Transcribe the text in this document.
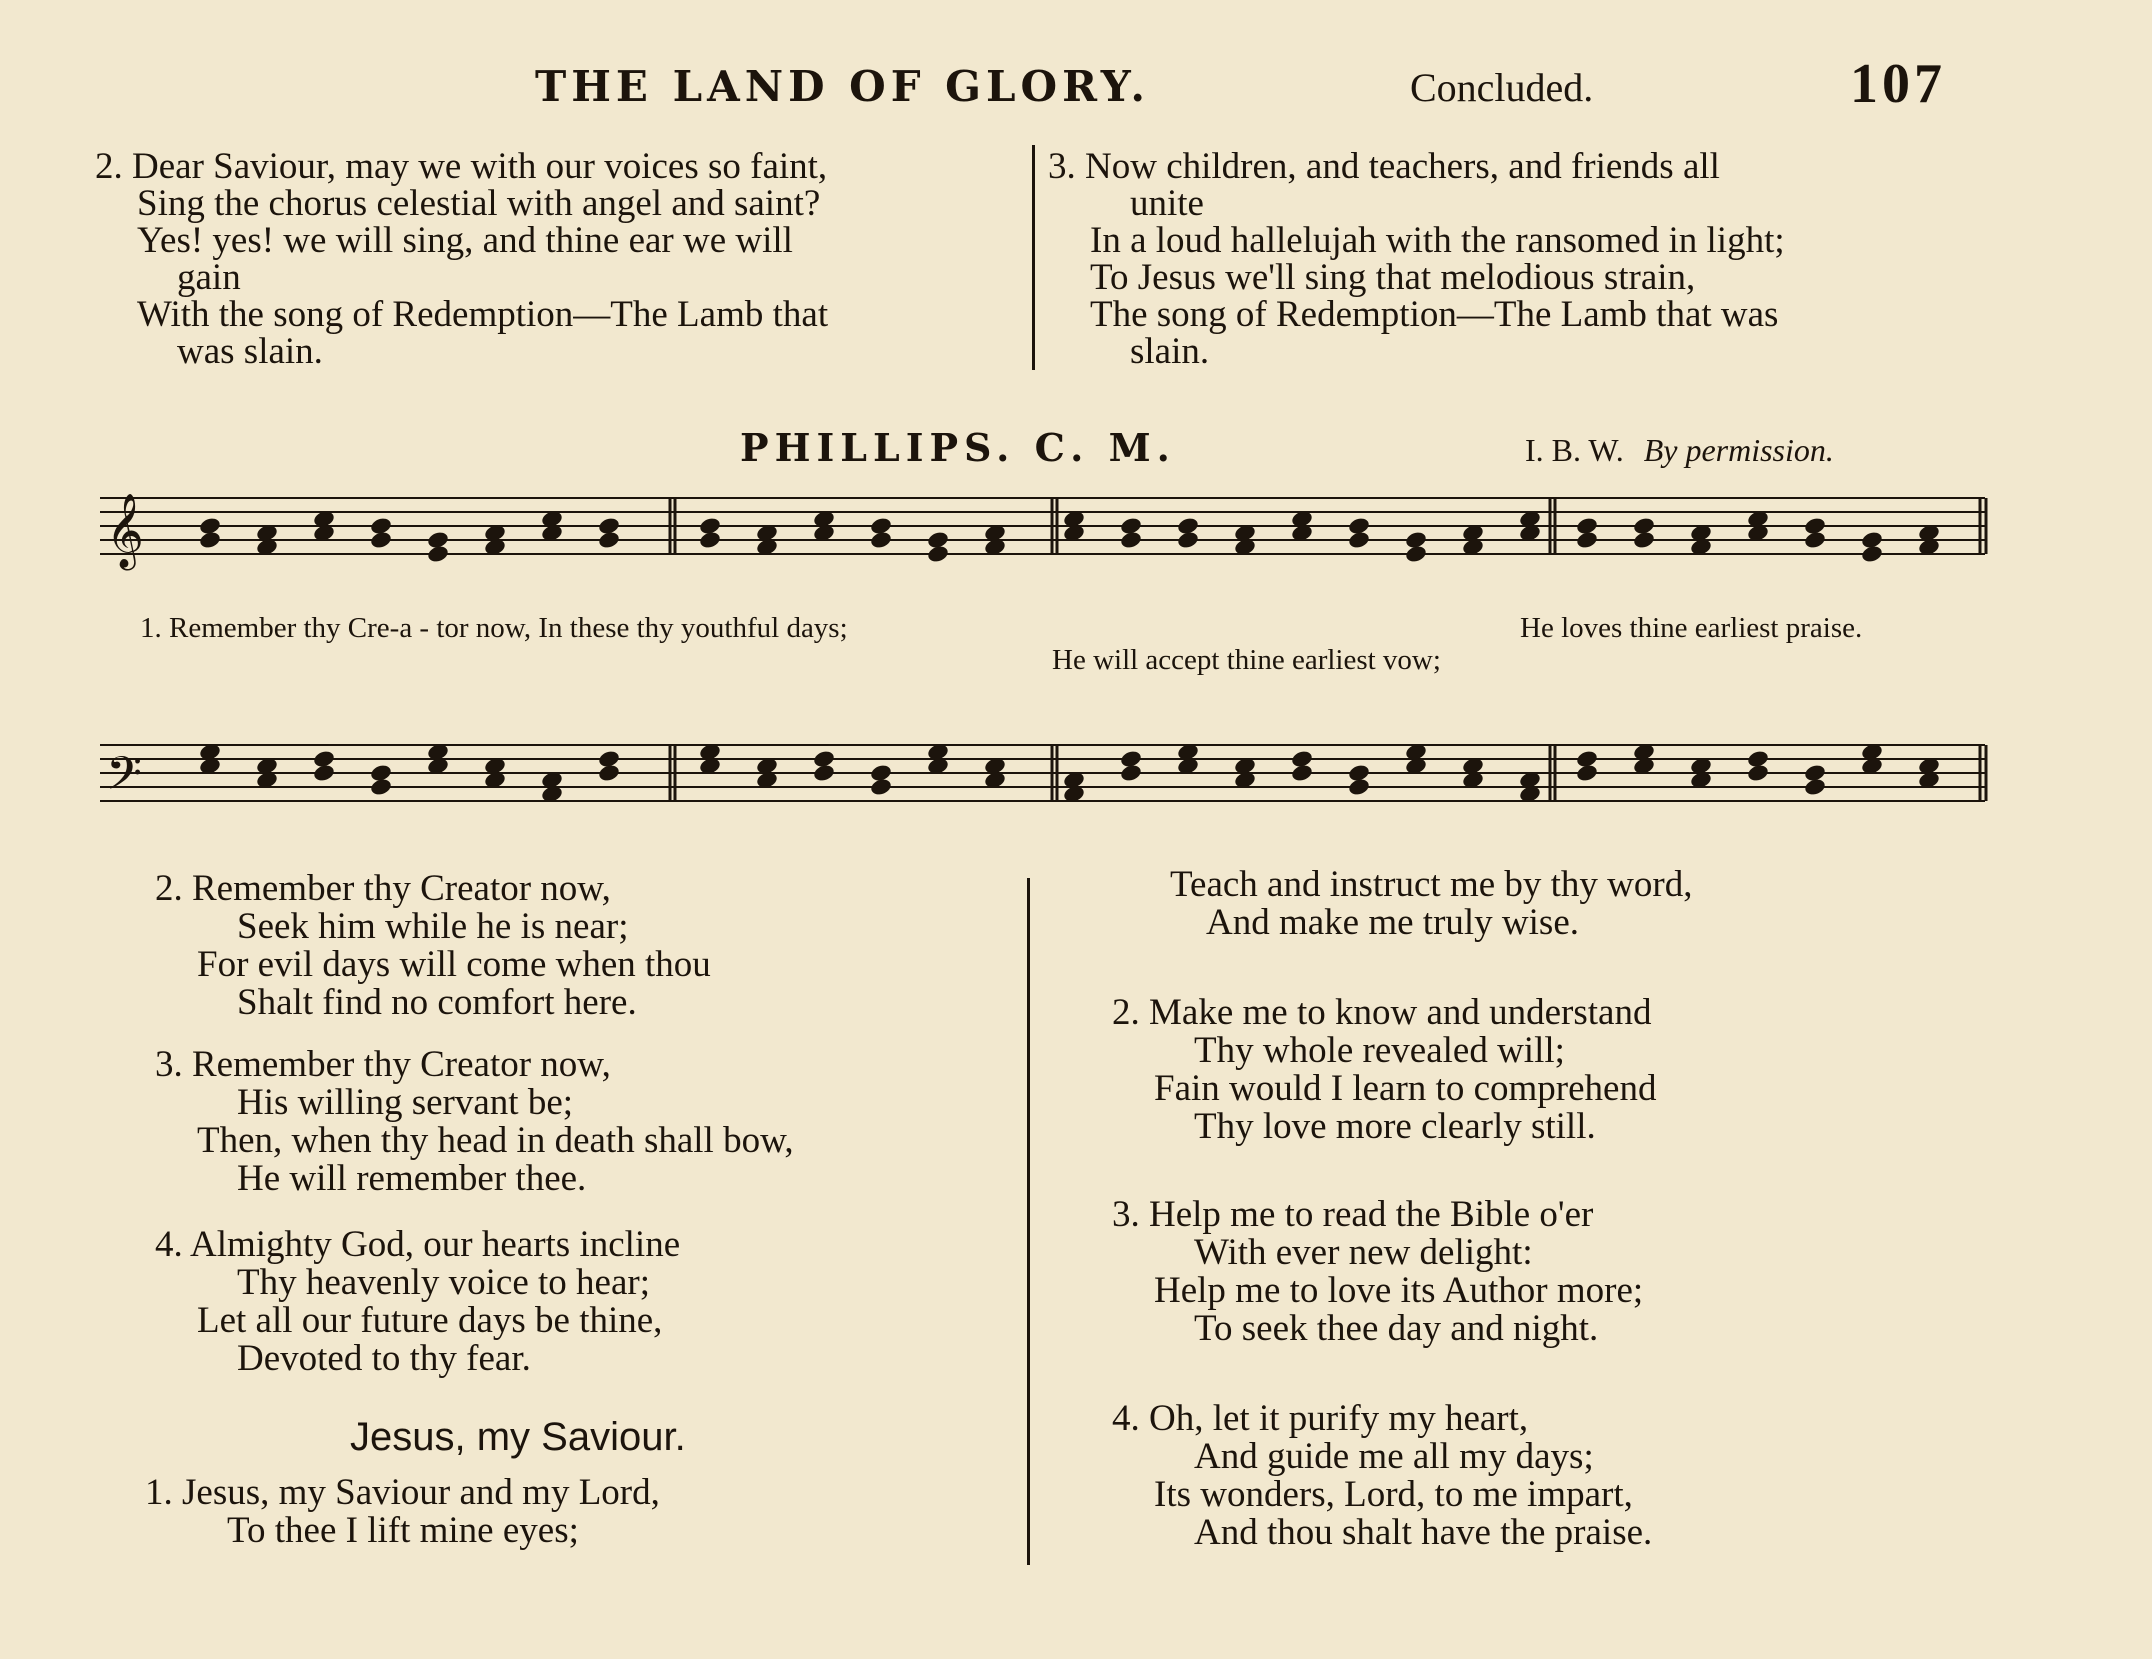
THE LAND OF GLORY.	Concluded.	107
2. Dear Saviour, may we with our voices so faint,
Sing the chorus celestial with angel and saint?
Yes! yes! we will sing, and thine ear we will
gain
With the song of Redemption—The Lamb that
was slain.
3. Now children, and teachers, and friends all
unite
In a loud hallelujah with the ransomed in light;
To Jesus we'll sing that melodious strain,
The song of Redemption—The Lamb that was
slain.
PHILLIPS. C. M.	I. B. W. By permission.
𝄞
𝄢
1. Remember thy Cre-a - tor now, In these thy youthful days;	He loves thine earliest praise.
He will accept thine earliest vow;
2. Remember thy Creator now,
Seek him while he is near;
For evil days will come when thou
Shalt find no comfort here.
3. Remember thy Creator now,
His willing servant be;
Then, when thy head in death shall bow,
He will remember thee.
4. Almighty God, our hearts incline
Thy heavenly voice to hear;
Let all our future days be thine,
Devoted to thy fear.
Jesus, my Saviour.
1. Jesus, my Saviour and my Lord,
To thee I lift mine eyes;
Teach and instruct me by thy word,
And make me truly wise.
2. Make me to know and understand
Thy whole revealed will;
Fain would I learn to comprehend
Thy love more clearly still.
3. Help me to read the Bible o'er
With ever new delight:
Help me to love its Author more;
To seek thee day and night.
4. Oh, let it purify my heart,
And guide me all my days;
Its wonders, Lord, to me impart,
And thou shalt have the praise.
